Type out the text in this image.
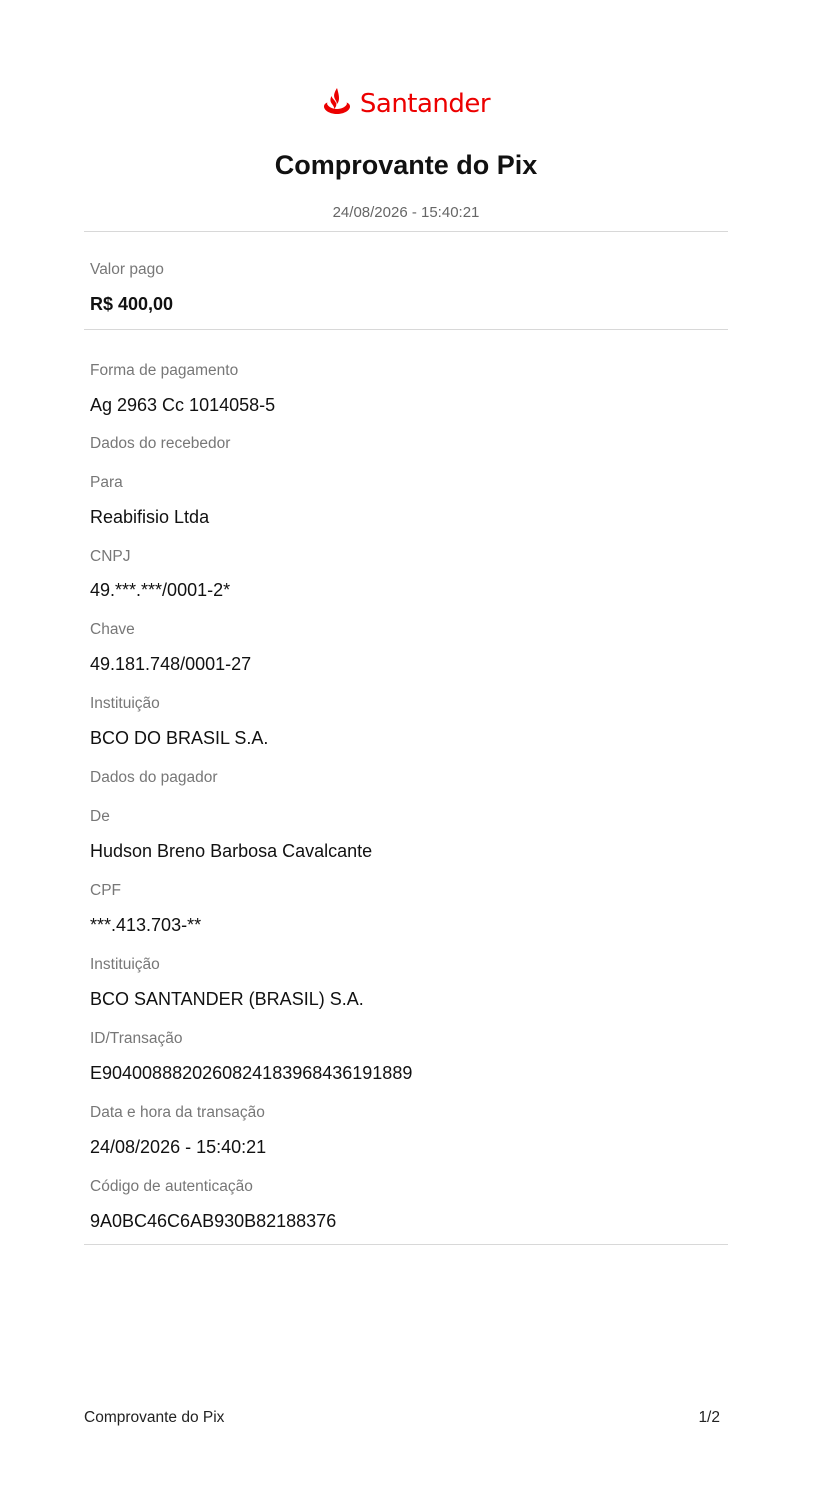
Santander
Comprovante do Pix
24/08/2026 - 15:40:21
Valor pago
R$ 400,00
Forma de pagamento
Ag 2963 Cc 1014058-5
Dados do recebedor
Para
Reabifisio Ltda
CNPJ
49.***.***/0001-2*
Chave
49.181.748/0001-27
Instituição
BCO DO BRASIL S.A.
Dados do pagador
De
Hudson Breno Barbosa Cavalcante
CPF
***.413.703-**
Instituição
BCO SANTANDER (BRASIL) S.A.
ID/Transação
E90400888202608241839684361918​89
Data e hora da transação
24/08/2026 - 15:40:21
Código de autenticação
9A0BC46C6AB930B82188376
Comprovante do Pix	1/2
